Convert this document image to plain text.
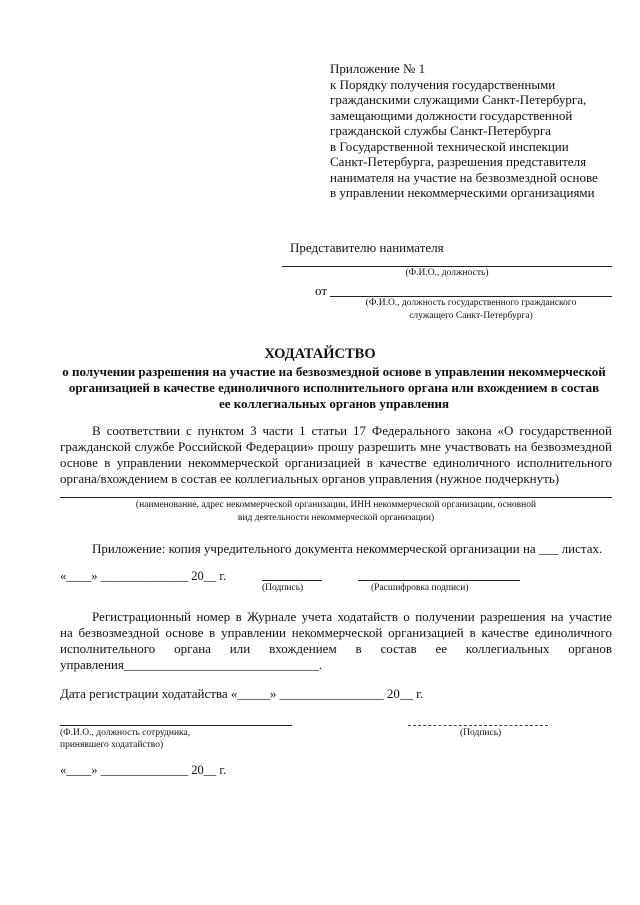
Приложение № 1
к Порядку получения государственными
гражданскими служащими Санкт-Петербурга,
замещающими должности государственной
гражданской службы Санкт-Петербурга
в Государственной технической инспекции
Санкт-Петербурга, разрешения представителя
нанимателя на участие на безвозмездной основе
в управлении некоммерческими организациями
Представителю нанимателя
(Ф.И.О., должность)
от
(Ф.И.О., должность государственного гражданского
служащего Санкт-Петербурга)
ХОДАТАЙСТВО
о получении разрешения на участие на безвозмездной основе в управлении некоммерческой
организацией в качестве единоличного исполнительного органа или вхождением в состав
ее коллегиальных органов управления
В соответствии с пунктом 3 части 1 статьи 17 Федерального закона «О государственной
гражданской службе Российской Федерации» прошу разрешить мне участвовать на безвозмездной
основе в управлении некоммерческой организацией в качестве единоличного исполнительного
органа/вхождением в состав ее коллегиальных органов управления (нужное подчеркнуть)
(наименование, адрес некоммерческой организации, ИНН некоммерческой организации, основной
вид деятельности некоммерческой организации)
Приложение: копия учредительного документа некоммерческой организации на ___ листах.
«____» ______________ 20__ г.
(Подпись)	(Расшифровка подписи)
Регистрационный номер в Журнале учета ходатайств о получении разрешения на участие
на безвозмездной основе в управлении некоммерческой организацией в качестве единоличного
исполнительного органа или вхождением в состав ее коллегиальных органов
управления______________________________.
Дата регистрации ходатайства «_____» ________________ 20__ г.
(Ф.И.О., должность сотрудника,
принявшего ходатайство)
(Подпись)
«____» ______________ 20__ г.
